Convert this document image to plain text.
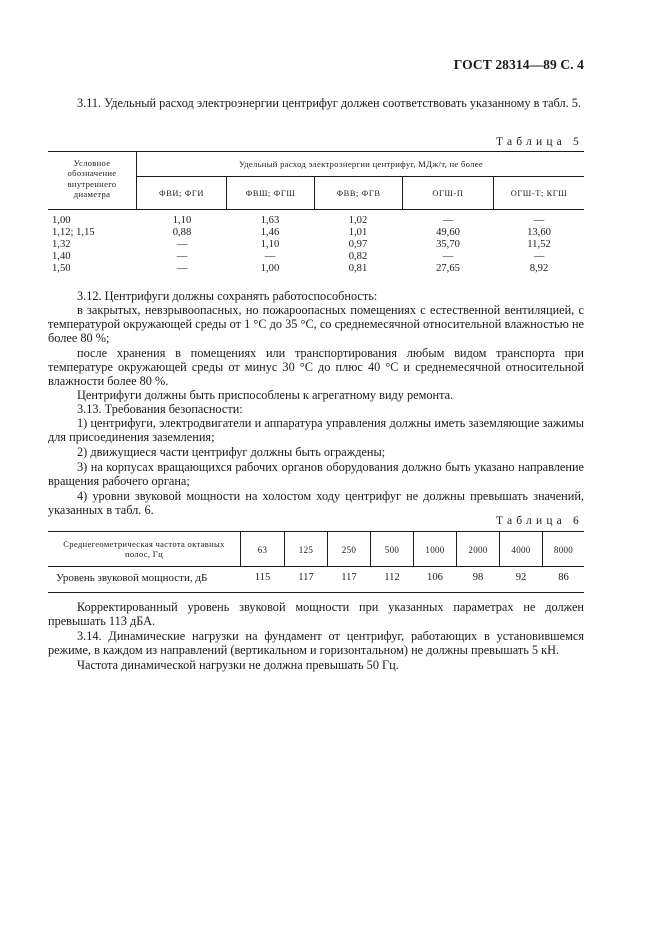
ГОСТ 28314—89 С. 4
3.11. Удельный расход электроэнергии центрифуг должен соответствовать указанному в табл. 5.
Таблица 5
Условное обозначение внутреннего диаметра
Удельный расход электроэнергии центрифуг, МДж/т, не более
ФВИ; ФГИ	ФВШ; ФГШ	ФВВ; ФГВ	ОГШ-П	ОГШ-Т; КГШ
1,00	1,10	1,63	1,02	—	—
1,12; 1,15	0,88	1,46	1,01	49,60	13,60
1,32	—	1,10	0,97	35,70	11,52
1,40	—	—	0,82	—	—
1,50	—	1,00	0,81	27,65	8,92
3.12. Центрифуги должны сохранять работоспособность:
в закрытых, невзрывоопасных, но пожароопасных помещениях с естественной вентиляцией, с температурой окружающей среды от 1 °С до 35 °С, со среднемесячной относительной влажностью не более 80 %;
после хранения в помещениях или транспортирования любым видом транспорта при температуре окружающей среды от минус 30 °С до плюс 40 °С и среднемесячной относительной влажности более 80 %.
Центрифуги должны быть приспособлены к агрегатному виду ремонта.
3.13. Требования безопасности:
1) центрифуги, электродвигатели и аппаратура управления должны иметь заземляющие зажимы для присоединения заземления;
2) движущиеся части центрифуг должны быть ограждены;
3) на корпусах вращающихся рабочих органов оборудования должно быть указано направление вращения рабочего органа;
4) уровни звуковой мощности на холостом ходу центрифуг не должны превышать значений, указанных в табл. 6.
Таблица 6
Среднегеометрическая частота октавных полос, Гц	63	125	250	500	1000	2000	4000	8000
Уровень звуковой мощности, дБ	115	117	117	112	106	98	92	86
Корректированный уровень звуковой мощности при указанных параметрах не должен превышать 113 дБА.
3.14. Динамические нагрузки на фундамент от центрифуг, работающих в установившемся режиме, в каждом из направлений (вертикальном и горизонтальном) не должны превышать 5 кН.
Частота динамической нагрузки не должна превышать 50 Гц.
